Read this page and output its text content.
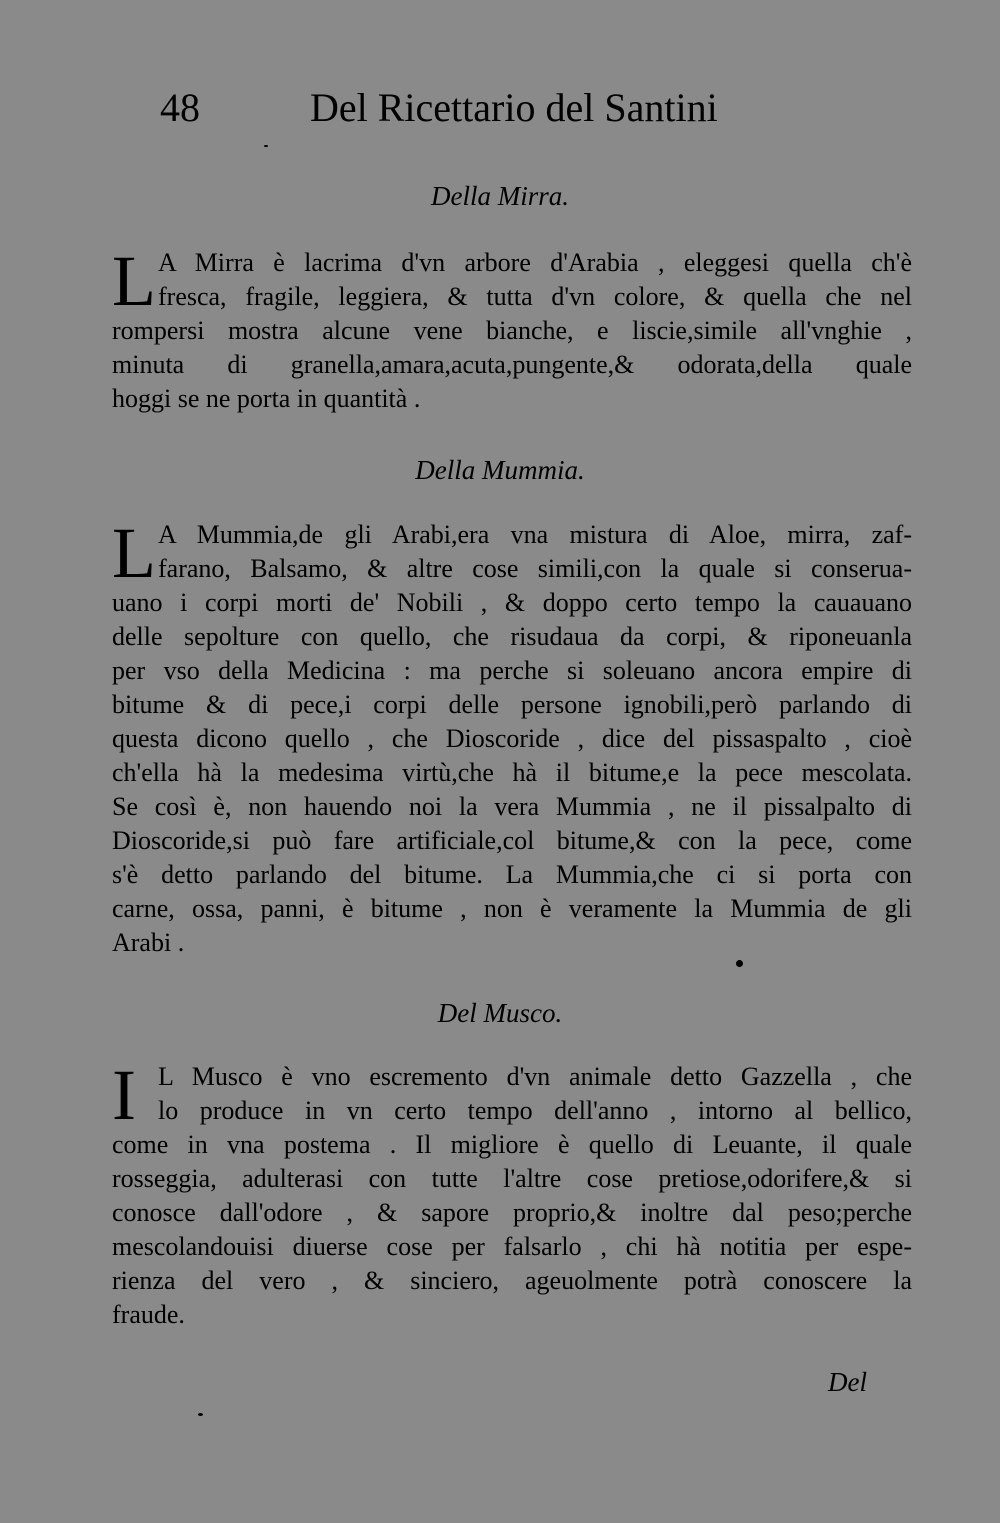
48	Del Ricettario del Santini
Della Mirra.
L A Mirra è lacrima d'vn arbore d'Arabia , eleggesi quella ch'è
fresca, fragile, leggiera, & tutta d'vn colore, & quella che nel
rompersi mostra alcune vene bianche, e liscie,simile all'vnghie ,
minuta di granella,amara,acuta,pungente,& odorata,della quale
hoggi se ne porta in quantità .
Della Mummia.
L A Mummia,de gli Arabi,era vna mistura di Aloe, mirra, zaf-
farano, Balsamo, & altre cose simili,con la quale si conserua-
uano i corpi morti de' Nobili , & doppo certo tempo la cauauano
delle sepolture con quello, che risudaua da corpi, & riponeuanla
per vso della Medicina : ma perche si soleuano ancora empire di
bitume & di pece,i corpi delle persone ignobili,però parlando di
questa dicono quello , che Dioscoride , dice del pissaspalto , cioè
ch'ella hà la medesima virtù,che hà il bitume,e la pece mescolata.
Se così è, non hauendo noi la vera Mummia , ne il pissalpalto di
Dioscoride,si può fare artificiale,col bitume,& con la pece, come
s'è detto parlando del bitume. La Mummia,che ci si porta con
carne, ossa, panni, è bitume , non è veramente la Mummia de gli
Arabi .
Del Musco.
I L Musco è vno escremento d'vn animale detto Gazzella , che
lo produce in vn certo tempo dell'anno , intorno al bellico,
come in vna postema . Il migliore è quello di Leuante, il quale
rosseggia, adulterasi con tutte l'altre cose pretiose,odorifere,& si
conosce dall'odore , & sapore proprio,& inoltre dal peso;perche
mescolandouisi diuerse cose per falsarlo , chi hà notitia per espe-
rienza del vero , & sinciero, ageuolmente potrà conoscere la
fraude.
Del
